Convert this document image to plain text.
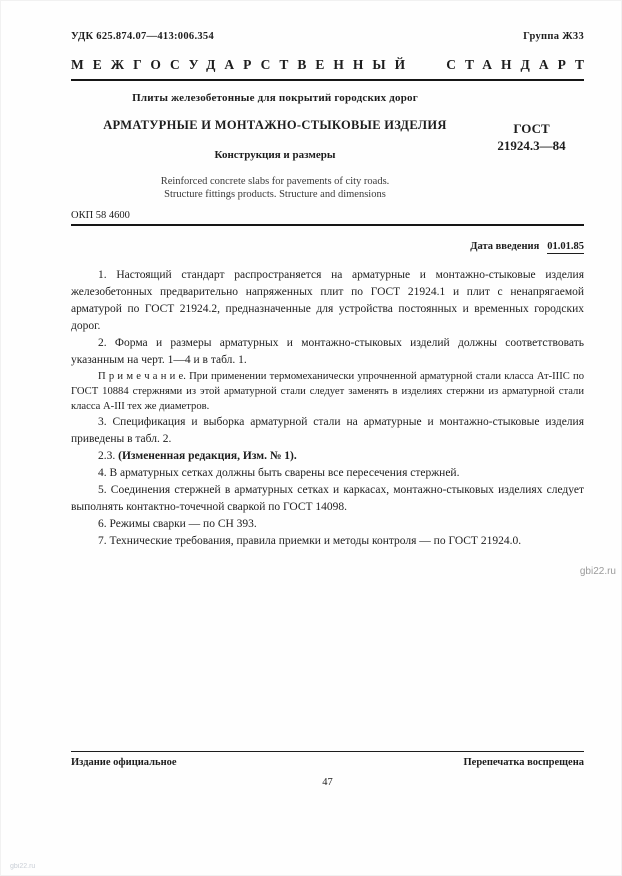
УДК 625.874.07—413:006.354	Группа Ж33
МЕЖГОСУДАРСТВЕННЫЙ СТАНДАРТ
Плиты железобетонные для покрытий городских дорог
АРМАТУРНЫЕ И МОНТАЖНО-СТЫКОВЫЕ ИЗДЕЛИЯ
Конструкция и размеры
Reinforced concrete slabs for pavements of city roads.
Structure fittings products. Structure and dimensions
ГОСТ
21924.3—84
ОКП 58 4600
Дата введения 01.01.85

1. Настоящий стандарт распространяется на арматурные и монтажно-стыковые изделия железобетонных предварительно напряженных плит по ГОСТ 21924.1 и плит с ненапрягаемой арматурой по ГОСТ 21924.2, предназначенные для устройства постоянных и временных городских дорог.

2. Форма и размеры арматурных и монтажно-стыковых изделий должны соответствовать указанным на черт. 1—4 и в табл. 1.

П р и м е ч а н и е. При применении термомеханически упрочненной арматурной стали класса Ат-IIIС по ГОСТ 10884 стержнями из этой арматурной стали следует заменять в изделиях стержни из арматурной стали класса А-III тех же диаметров.

3. Спецификация и выборка арматурной стали на арматурные и монтажно-стыковые изделия приведены в табл. 2.

2.3. (Измененная редакция, Изм. № 1).

4. В арматурных сетках должны быть сварены все пересечения стержней.

5. Соединения стержней в арматурных сетках и каркасах, монтажно-стыковых изделиях следует выполнять контактно-точечной сваркой по ГОСТ 14098.

6. Режимы сварки — по СН 393.

7. Технические требования, правила приемки и методы контроля — по ГОСТ 21924.0.

Издание официальное	Перепечатка воспрещена
47
gbi22.ru
gbi22.ru
